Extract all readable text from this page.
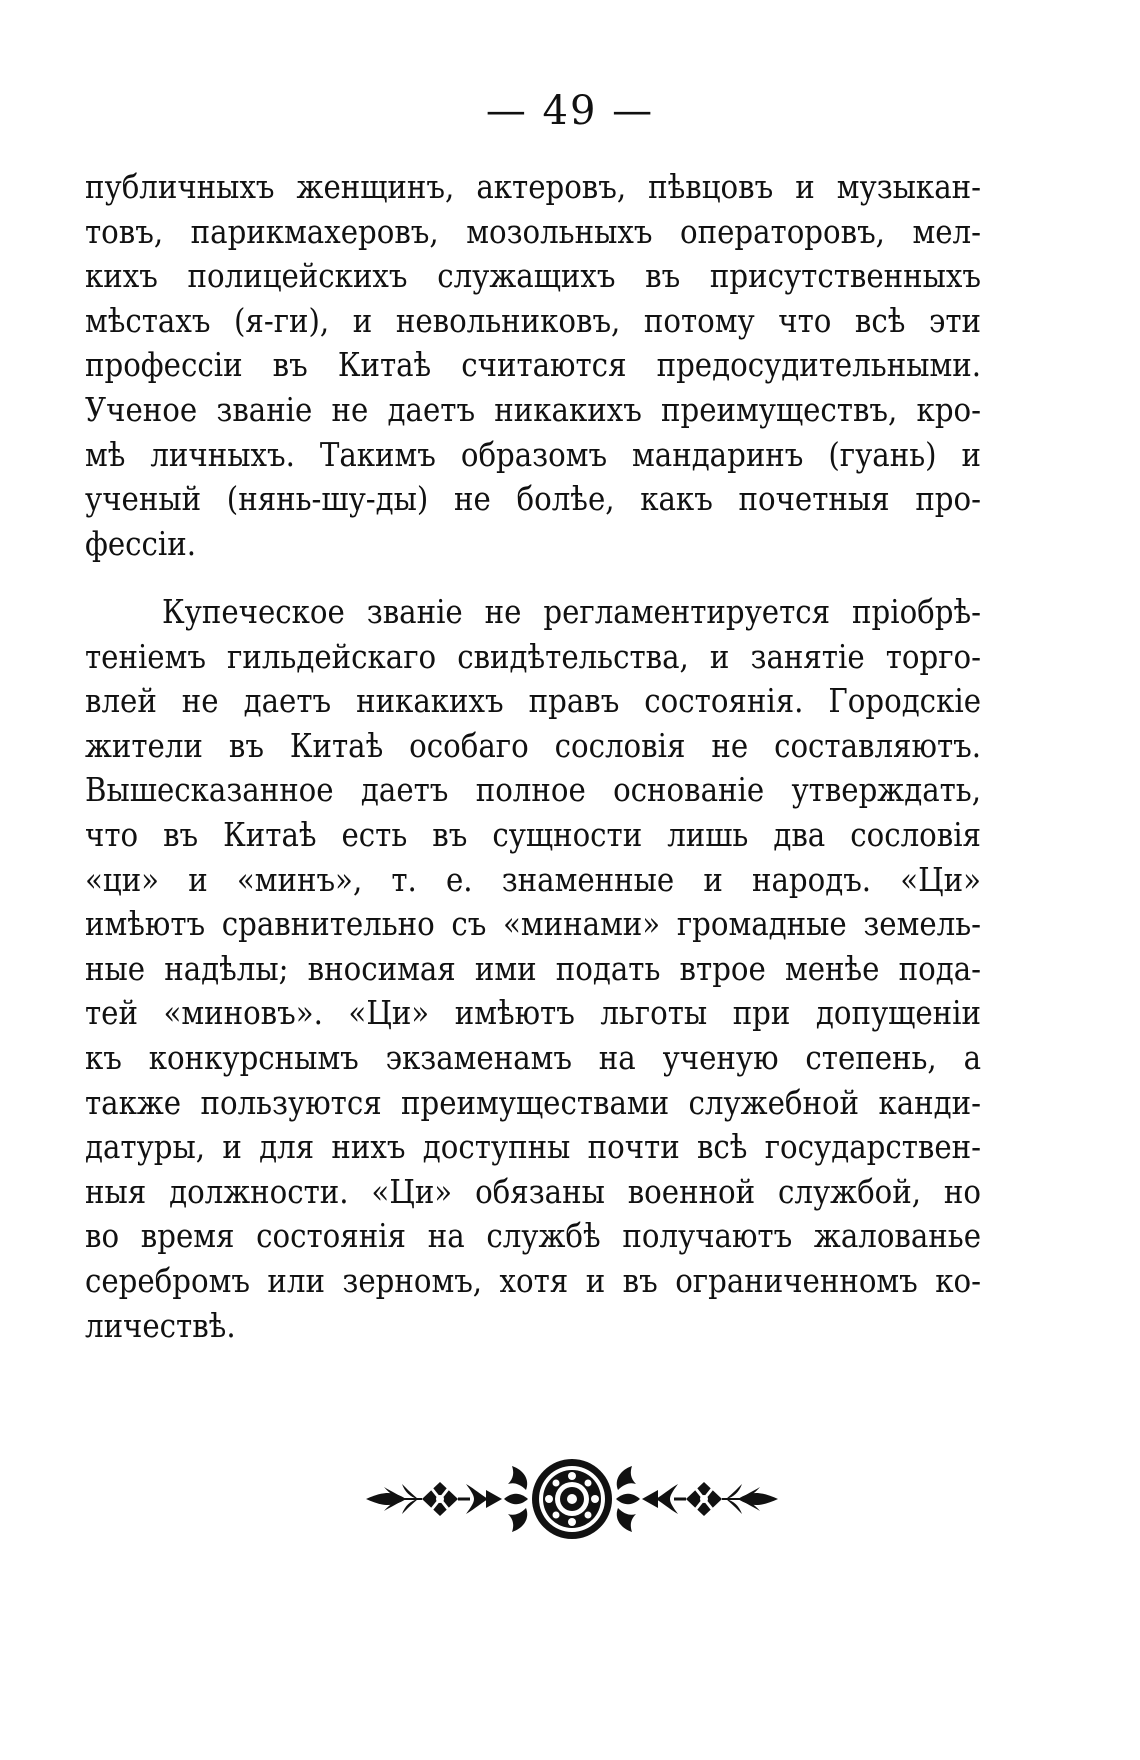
— 49 —
публичныхъ женщинъ, актеровъ, пѣвцовъ и музыкан-
товъ, парикмахеровъ, мозольныхъ операторовъ, мел-
кихъ полицейскихъ служащихъ въ присутственныхъ
мѣстахъ (я-ги), и невольниковъ, потому что всѣ эти
профессіи въ Китаѣ считаются предосудительными.
Ученое званіе не даетъ никакихъ преимуществъ, кро-
мѣ личныхъ. Такимъ образомъ мандаринъ (гуань) и
ученый (нянь-шу-ды) не болѣе, какъ почетныя про-
фессіи.
Купеческое званіе не регламентируется пріобрѣ-
теніемъ гильдейскаго свидѣтельства, и занятіе торго-
влей не даетъ никакихъ правъ состоянія. Городскіе
жители въ Китаѣ особаго сословія не составляютъ.
Вышесказанное даетъ полное основаніе утверждать,
что въ Китаѣ есть въ сущности лишь два сословія
«ци» и «минъ», т. е. знаменные и народъ. «Ци»
имѣютъ сравнительно съ «минами» громадные земель-
ные надѣлы; вносимая ими подать втрое менѣе пода-
тей «миновъ». «Ци» имѣютъ льготы при допущеніи
къ конкурснымъ экзаменамъ на ученую степень, а
также пользуются преимуществами служебной канди-
датуры, и для нихъ доступны почти всѣ государствен-
ныя должности. «Ци» обязаны военной службой, но
во время состоянія на службѣ получаютъ жалованье
серебромъ или зерномъ, хотя и въ ограниченномъ ко-
личествѣ.
